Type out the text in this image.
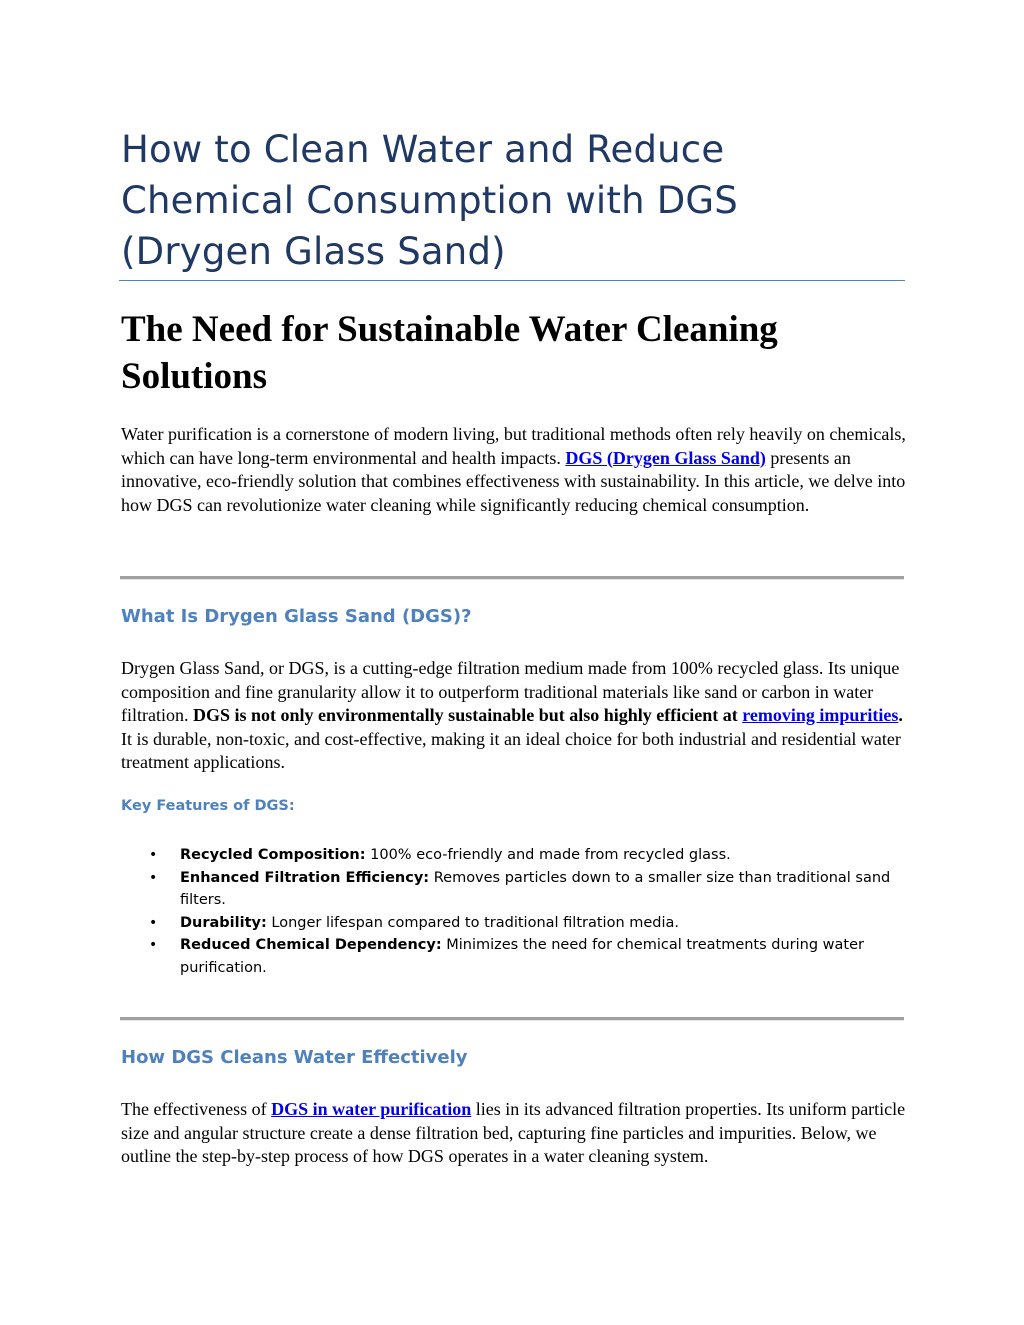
How to Clean Water and Reduce Chemical Consumption with DGS (Drygen Glass Sand)
The Need for Sustainable Water Cleaning Solutions

Water purification is a cornerstone of modern living, but traditional methods often rely heavily on chemicals, which can have long-term environmental and health impacts. DGS (Drygen Glass Sand) presents an innovative, eco-friendly solution that combines effectiveness with sustainability. In this article, we delve into how DGS can revolutionize water cleaning while significantly reducing chemical consumption.

What Is Drygen Glass Sand (DGS)?

Drygen Glass Sand, or DGS, is a cutting-edge filtration medium made from 100% recycled glass. Its unique composition and fine granularity allow it to outperform traditional materials like sand or carbon in water filtration. DGS is not only environmentally sustainable but also highly efficient at removing impurities. It is durable, non-toxic, and cost-effective, making it an ideal choice for both industrial and residential water treatment applications.

Key Features of DGS:
• Recycled Composition: 100% eco-friendly and made from recycled glass.
• Enhanced Filtration Efficiency: Removes particles down to a smaller size than traditional sand filters.
• Durability: Longer lifespan compared to traditional filtration media.
• Reduced Chemical Dependency: Minimizes the need for chemical treatments during water purification.
How DGS Cleans Water Effectively

The effectiveness of DGS in water purification lies in its advanced filtration properties. Its uniform particle size and angular structure create a dense filtration bed, capturing fine particles and impurities. Below, we outline the step-by-step process of how DGS operates in a water cleaning system.
